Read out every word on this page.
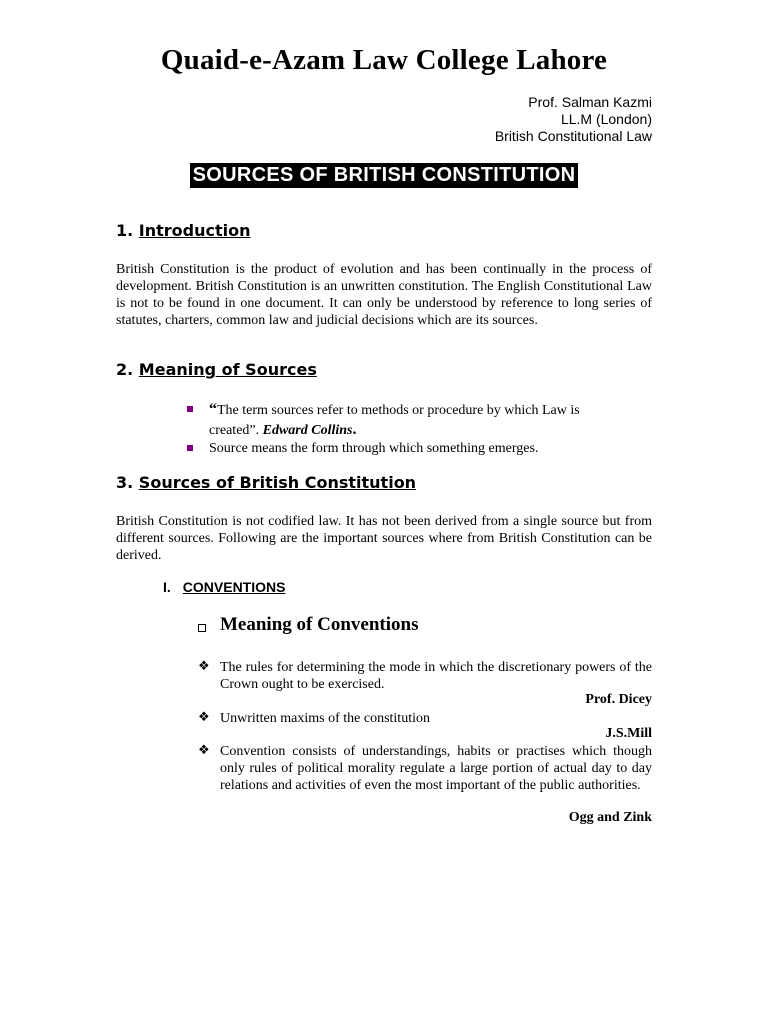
Quaid-e-Azam Law College Lahore
Prof. Salman Kazmi
LL.M (London)
British Constitutional Law
SOURCES OF BRITISH CONSTITUTION
1. Introduction
British Constitution is the product of evolution and has been continually in the process of development. British Constitution is an unwritten constitution. The English Constitutional Law is not to be found in one document. It can only be understood by reference to long series of statutes, charters, common law and judicial decisions which are its sources.
2. Meaning of Sources
“The term sources refer to methods or procedure by which Law is
created”. Edward Collins.
Source means the form through which something emerges.
3. Sources of British Constitution
British Constitution is not codified law. It has not been derived from a single source but from different sources. Following are the important sources where from British Constitution can be derived.
I. CONVENTIONS
Meaning of Conventions
❖ The rules for determining the mode in which the discretionary powers of the Crown ought to be exercised.
Prof. Dicey
❖ Unwritten maxims of the constitution
J.S.Mill
❖ Convention consists of understandings, habits or practises which though only rules of political morality regulate a large portion of actual day to day relations and activities of even the most important of the public authorities.
Ogg and Zink
